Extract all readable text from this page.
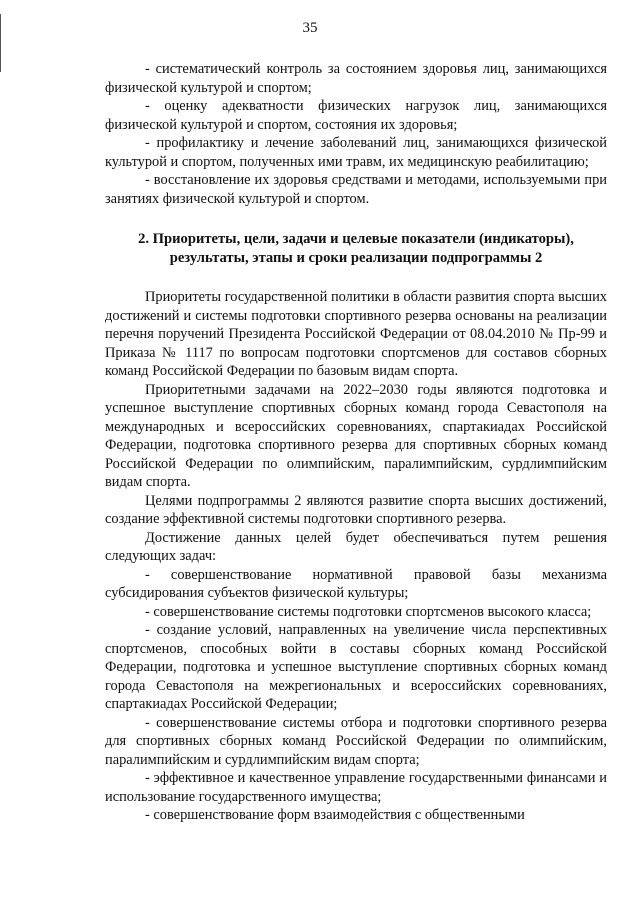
35

- систематический контроль за состоянием здоровья лиц, занимающихся физической культурой и спортом;

- оценку адекватности физических нагрузок лиц, занимающихся физической культурой и спортом, состояния их здоровья;

- профилактику и лечение заболеваний лиц, занимающихся физической культурой и спортом, полученных ими травм, их медицинскую реабилитацию;

- восстановление их здоровья средствами и методами, используемыми при занятиях физической культурой и спортом.

2. Приоритеты, цели, задачи и целевые показатели (индикаторы),
результаты, этапы и сроки реализации подпрограммы 2

Приоритеты государственной политики в области развития спорта высших достижений и системы подготовки спортивного резерва основаны на реализации перечня поручений Президента Российской Федерации от 08.04.2010 № Пр-99 и Приказа № 1117 по вопросам подготовки спортсменов для составов сборных команд Российской Федерации по базовым видам спорта.

Приоритетными задачами на 2022–2030 годы являются подготовка и успешное выступление спортивных сборных команд города Севастополя на международных и всероссийских соревнованиях, спартакиадах Российской Федерации, подготовка спортивного резерва для спортивных сборных команд Российской Федерации по олимпийским, паралимпийским, сурдлимпийским видам спорта.

Целями подпрограммы 2 являются развитие спорта высших достижений, создание эффективной системы подготовки спортивного резерва.

Достижение данных целей будет обеспечиваться путем решения следующих задач:

- совершенствование нормативной правовой базы механизма субсидирования субъектов физической культуры;

- совершенствование системы подготовки спортсменов высокого класса;

- создание условий, направленных на увеличение числа перспективных спортсменов, способных войти в составы сборных команд Российской Федерации, подготовка и успешное выступление спортивных сборных команд города Севастополя на межрегиональных и всероссийских соревнованиях, спартакиадах Российской Федерации;

- совершенствование системы отбора и подготовки спортивного резерва для спортивных сборных команд Российской Федерации по олимпийским, паралимпийским и сурдлимпийским видам спорта;

- эффективное и качественное управление государственными финансами и использование государственного имущества;

- совершенствование форм взаимодействия с общественными
